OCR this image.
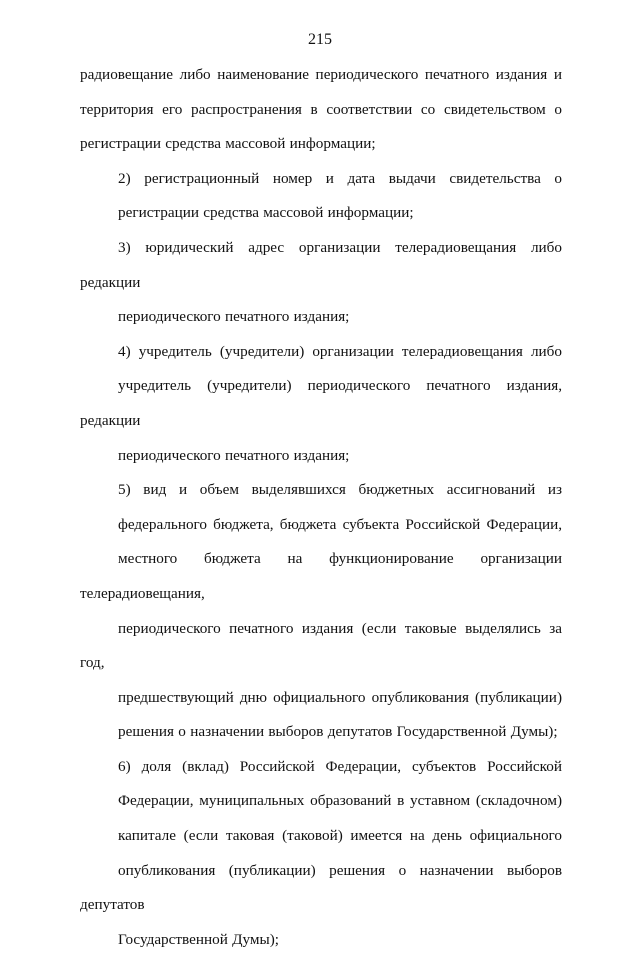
215

радиовещание либо наименование периодического печатного издания и
территория его распространения в соответствии со свидетельством о
регистрации средства массовой информации;

2) регистрационный номер и дата выдачи свидетельства о
регистрации средства массовой информации;

3) юридический адрес организации телерадиовещания либо редакции
периодического печатного издания;

4) учредитель (учредители) организации телерадиовещания либо
учредитель (учредители) периодического печатного издания, редакции
периодического печатного издания;

5) вид и объем выделявшихся бюджетных ассигнований из
федерального бюджета, бюджета субъекта Российской Федерации,
местного бюджета на функционирование организации телерадиовещания,
периодического печатного издания (если таковые выделялись за год,
предшествующий дню официального опубликования (публикации)
решения о назначении выборов депутатов Государственной Думы);

6) доля (вклад) Российской Федерации, субъектов Российской
Федерации, муниципальных образований в уставном (складочном)
капитале (если таковая (таковой) имеется на день официального
опубликования (публикации) решения о назначении выборов депутатов
Государственной Думы);
